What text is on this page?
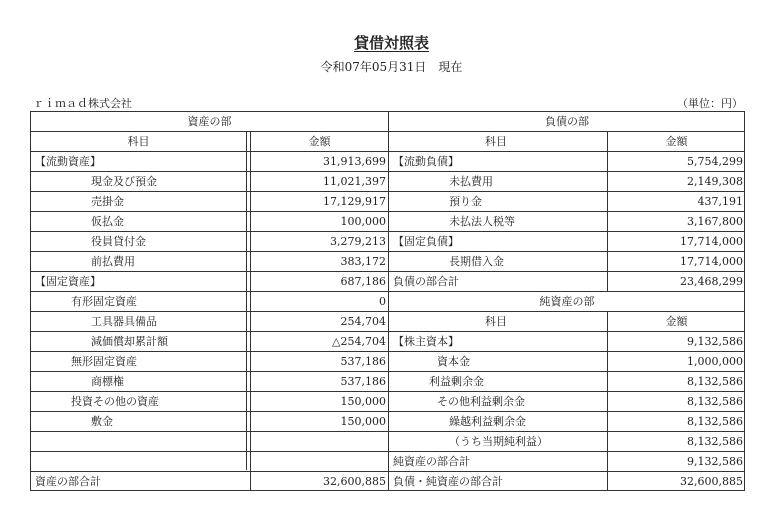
貸借対照表
令和07年05月31日　現在
ｒｉｍａｄ株式会社	（単位：円）
資産の部
科目	金額
【流動資産】	31,913,699
現金及び預金	11,021,397
売掛金	17,129,917
仮払金	100,000
役員貸付金	3,279,213
前払費用	383,172
【固定資産】	687,186
有形固定資産	0
工具器具備品	254,704
減価償却累計額	△254,704
無形固定資産	537,186
商標権	537,186
投資その他の資産	150,000
敷金	150,000
資産の部合計	32,600,885
負債の部
科目	金額
【流動負債】	5,754,299
未払費用	2,149,308
預り金	437,191
未払法人税等	3,167,800
【固定負債】	17,714,000
長期借入金	17,714,000
負債の部合計	23,468,299
純資産の部
科目	金額
【株主資本】	9,132,586
資本金	1,000,000
利益剰余金	8,132,586
その他利益剰余金	8,132,586
繰越利益剰余金	8,132,586
（うち当期純利益）	8,132,586
純資産の部合計	9,132,586
負債・純資産の部合計	32,600,885
